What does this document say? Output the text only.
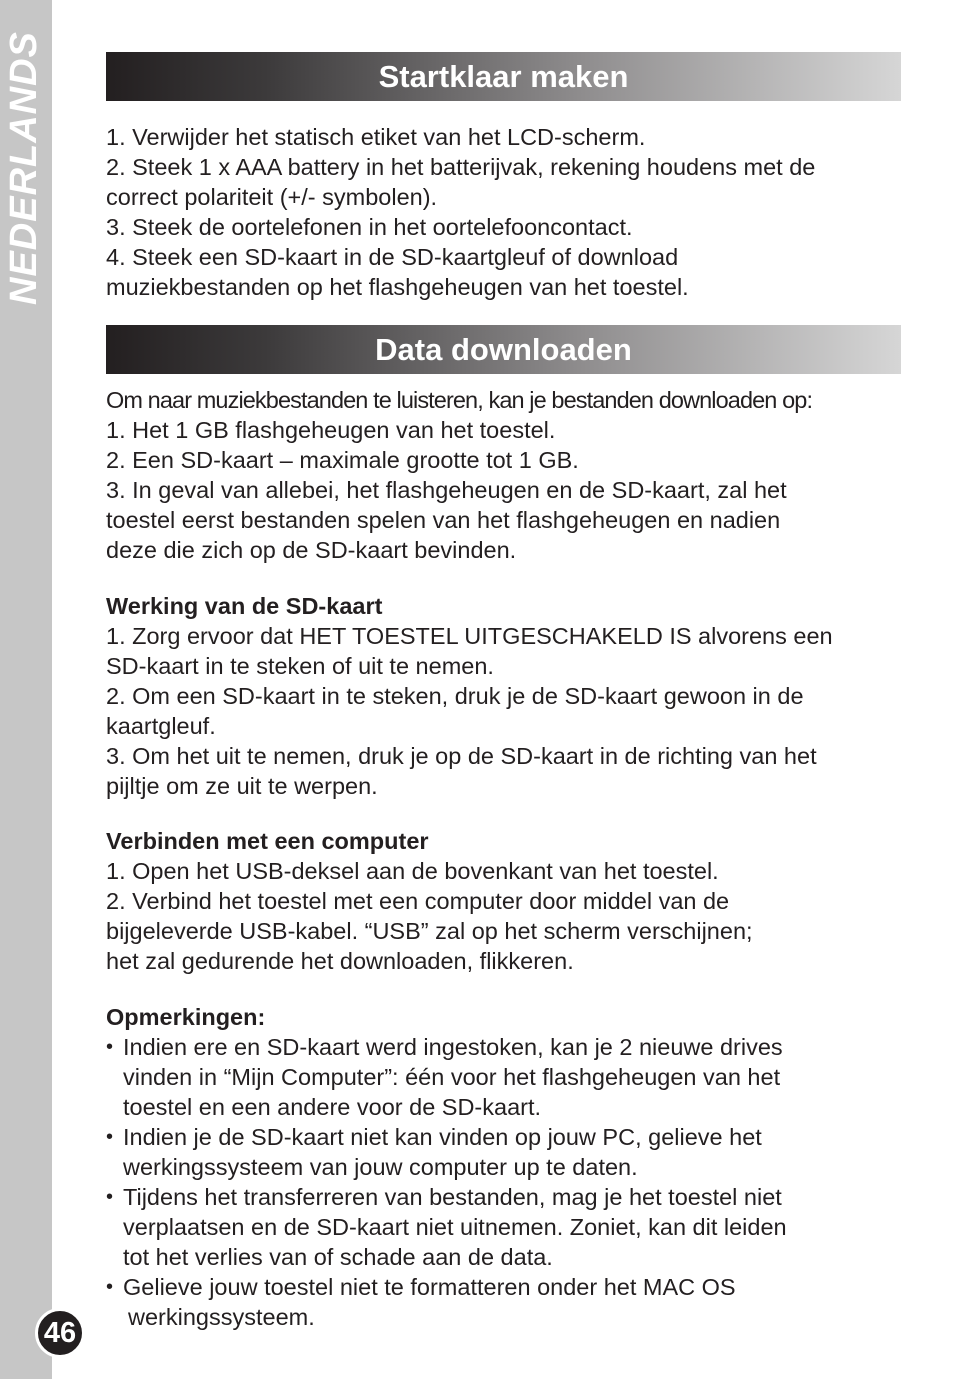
NEDERLANDS	Startklaar maken
1. Verwijder het statisch etiket van het LCD-scherm.
2. Steek 1 x AAA battery in het batterijvak, rekening houdens met de
correct polariteit (+/- symbolen).
3. Steek de oortelefonen in het oortelefooncontact.
4. Steek een SD-kaart in de SD-kaartgleuf of download
muziekbestanden op het flashgeheugen van het toestel.
Data downloaden
Om naar muziekbestanden te luisteren, kan je bestanden downloaden op:
1. Het 1 GB flashgeheugen van het toestel.
2. Een SD-kaart – maximale grootte tot 1 GB.
3. In geval van allebei, het flashgeheugen en de SD-kaart, zal het
toestel eerst bestanden spelen van het flashgeheugen en nadien
deze die zich op de SD-kaart bevinden.
Werking van de SD-kaart
1. Zorg ervoor dat HET TOESTEL UITGESCHAKELD IS alvorens een
SD-kaart in te steken of uit te nemen.
2. Om een SD-kaart in te steken, druk je de SD-kaart gewoon in de
kaartgleuf.
3. Om het uit te nemen, druk je op de SD-kaart in de richting van het
pijltje om ze uit te werpen.
Verbinden met een computer
1. Open het USB-deksel aan de bovenkant van het toestel.
2. Verbind het toestel met een computer door middel van de
bijgeleverde USB-kabel. “USB” zal op het scherm verschijnen;
het zal gedurende het downloaden, flikkeren.
Opmerkingen:
• Indien ere en SD-kaart werd ingestoken, kan je 2 nieuwe drives
vinden in “Mijn Computer”: één voor het flashgeheugen van het
toestel en een andere voor de SD-kaart.
• Indien je de SD-kaart niet kan vinden op jouw PC, gelieve het
werkingssysteem van jouw computer up te daten.
• Tijdens het transferreren van bestanden, mag je het toestel niet
verplaatsen en de SD-kaart niet uitnemen. Zoniet, kan dit leiden
tot het verlies van of schade aan de data.
• Gelieve jouw toestel niet te formatteren onder het MAC OS
werkingssysteem.
46
